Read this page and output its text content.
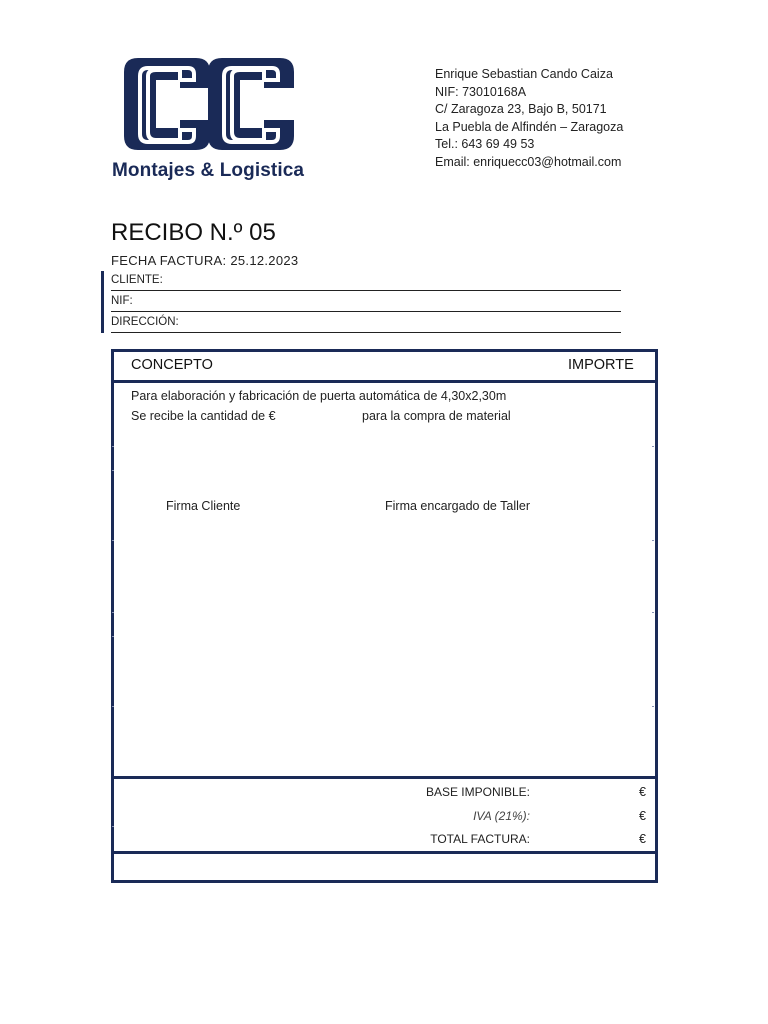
Montajes & Logistica
Enrique Sebastian Cando Caiza
NIF: 73010168A
C/ Zaragoza 23, Bajo B, 50171
La Puebla de Alfindén – Zaragoza
Tel.: 643 69 49 53
Email: enriquecc03@hotmail.com
RECIBO N.º 05
FECHA FACTURA: 25.12.2023
CLIENTE:
NIF:
DIRECCIÓN:
CONCEPTO	IMPORTE
Para elaboración y fabricación de puerta automática de 4,30x2,30m
Se recibe la cantidad de €	para la compra de material
Firma Cliente	Firma encargado de Taller
BASE IMPONIBLE:	€
IVA (21%):	€
TOTAL FACTURA:	€
